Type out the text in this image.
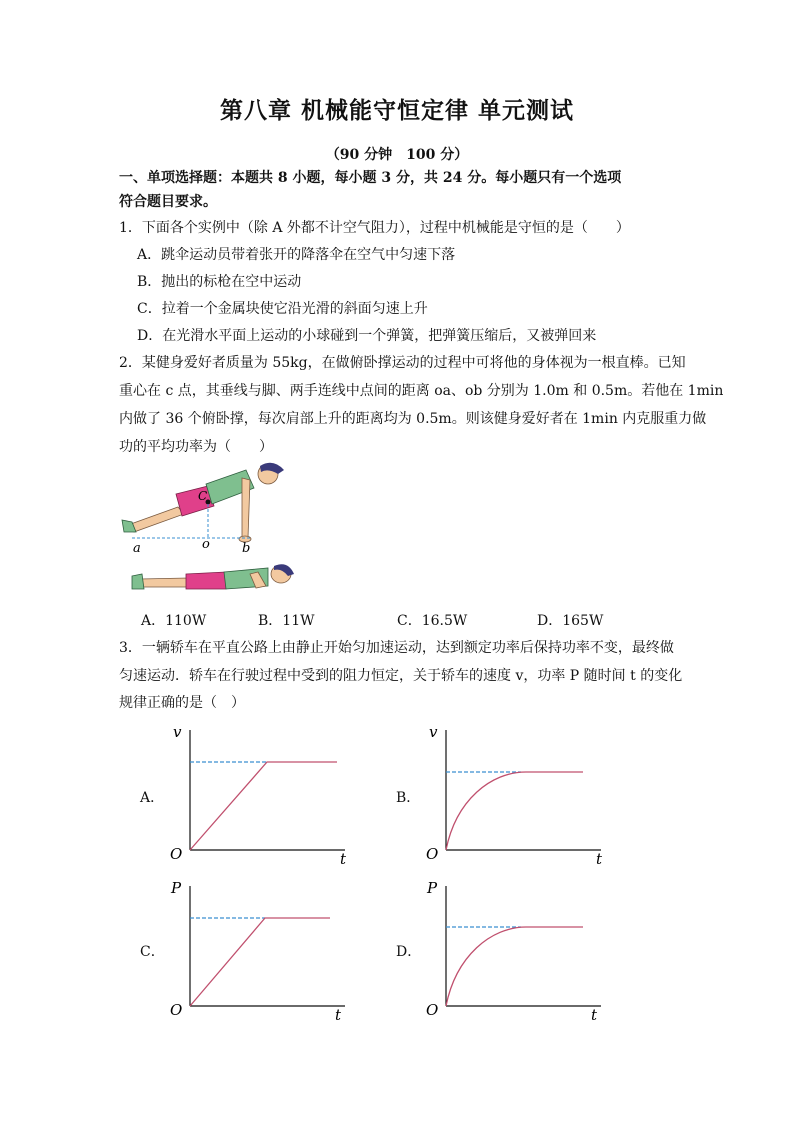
第八章 机械能守恒定律 单元测试
（90 分钟　100 分）
一、单项选择题：本题共 8 小题，每小题 3 分，共 24 分。每小题只有一个选项
符合题目要求。
1．下面各个实例中（除 A 外都不计空气阻力），过程中机械能是守恒的是（　　）
A．跳伞运动员带着张开的降落伞在空气中匀速下落
B．抛出的标枪在空中运动
C．拉着一个金属块使它沿光滑的斜面匀速上升
D．在光滑水平面上运动的小球碰到一个弹簧，把弹簧压缩后，又被弹回来
2．某健身爱好者质量为 55kg，在做俯卧撑运动的过程中可将他的身体视为一根直棒。已知
重心在 c 点，其垂线与脚、两手连线中点间的距离 oa、ob 分别为 1.0m 和 0.5m。若他在 1min
内做了 36 个俯卧撑，每次肩部上升的距离均为 0.5m。则该健身爱好者在 1min 内克服重力做
功的平均功率为（　　）
C
a	o b
A．110W	B．11W	C．16.5W	D．165W
3．一辆轿车在平直公路上由静止开始匀加速运动，达到额定功率后保持功率不变，最终做
匀速运动．轿车在行驶过程中受到的阻力恒定，关于轿车的速度 v，功率 P 随时间 t 的变化
规律正确的是（　）
A．	B．
C．	D．
v
O	t
v
O	t
P
O	t
P
O	t
